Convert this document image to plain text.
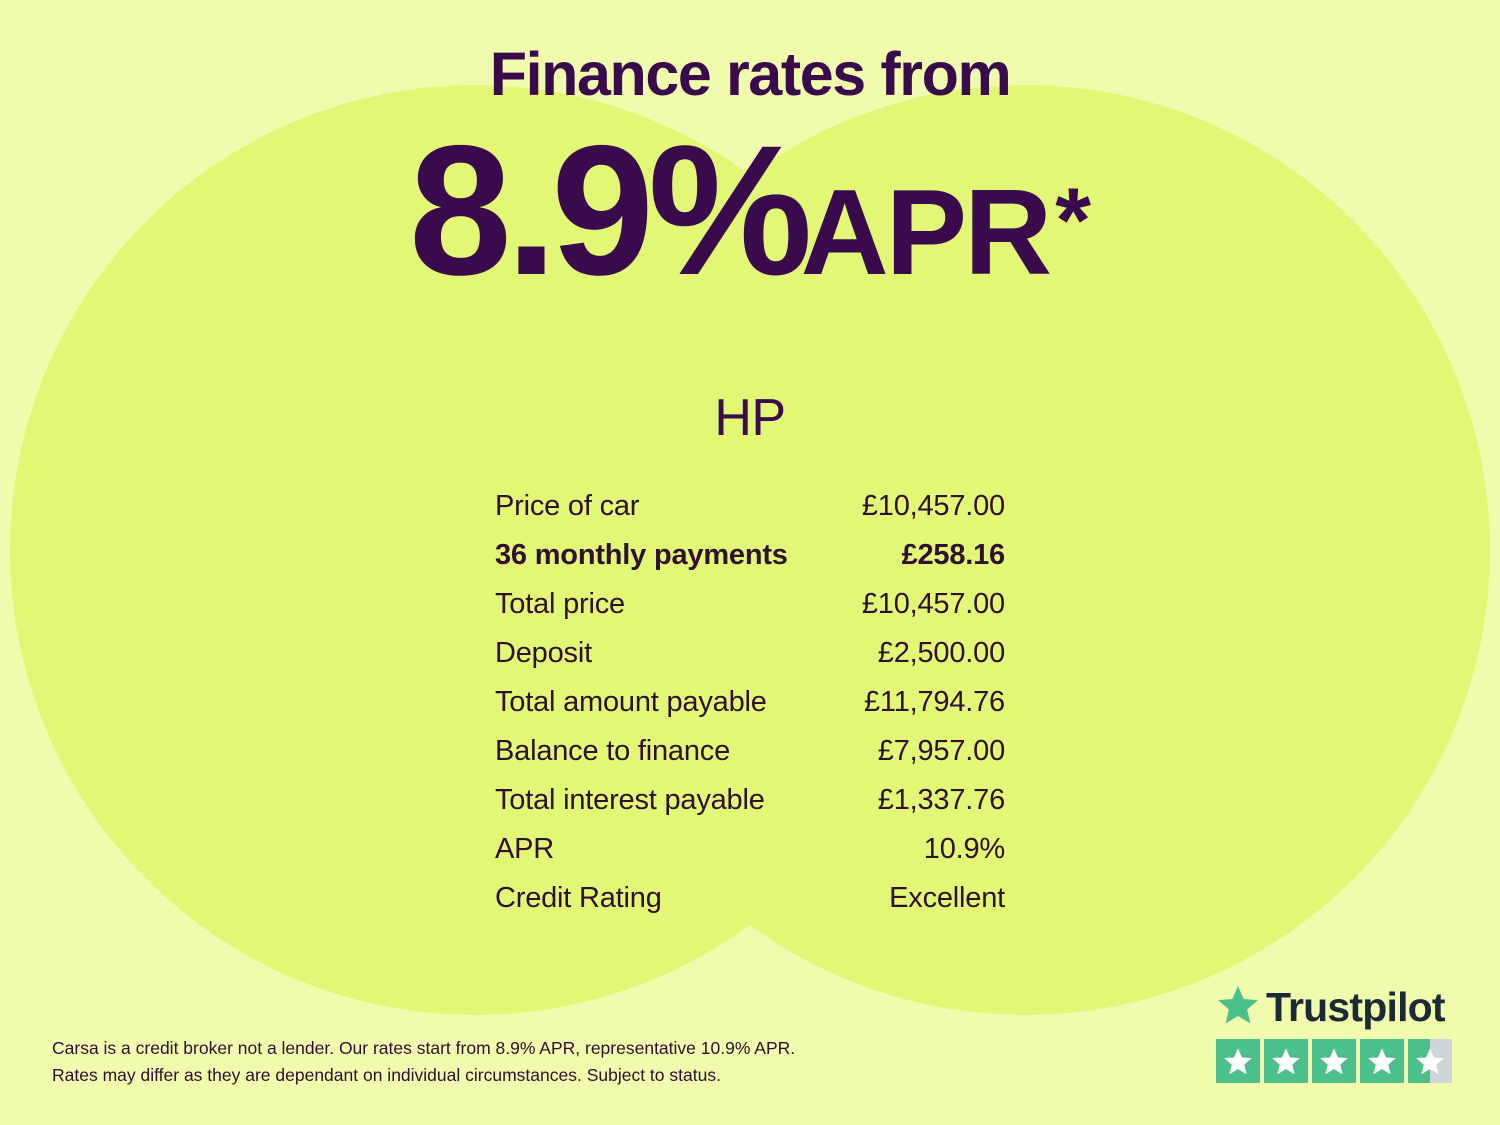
Finance rates from
8.9%APR*
HP
Price of car	£10,457.00
36 monthly payments	£258.16
Total price	£10,457.00
Deposit	£2,500.00
Total amount payable	£11,794.76
Balance to finance	£7,957.00
Total interest payable	£1,337.76
APR	10.9%
Credit Rating	Excellent
Carsa is a credit broker not a lender. Our rates start from 8.9% APR, representative 10.9% APR.
Rates may differ as they are dependant on individual circumstances. Subject to status.
Trustpilot
